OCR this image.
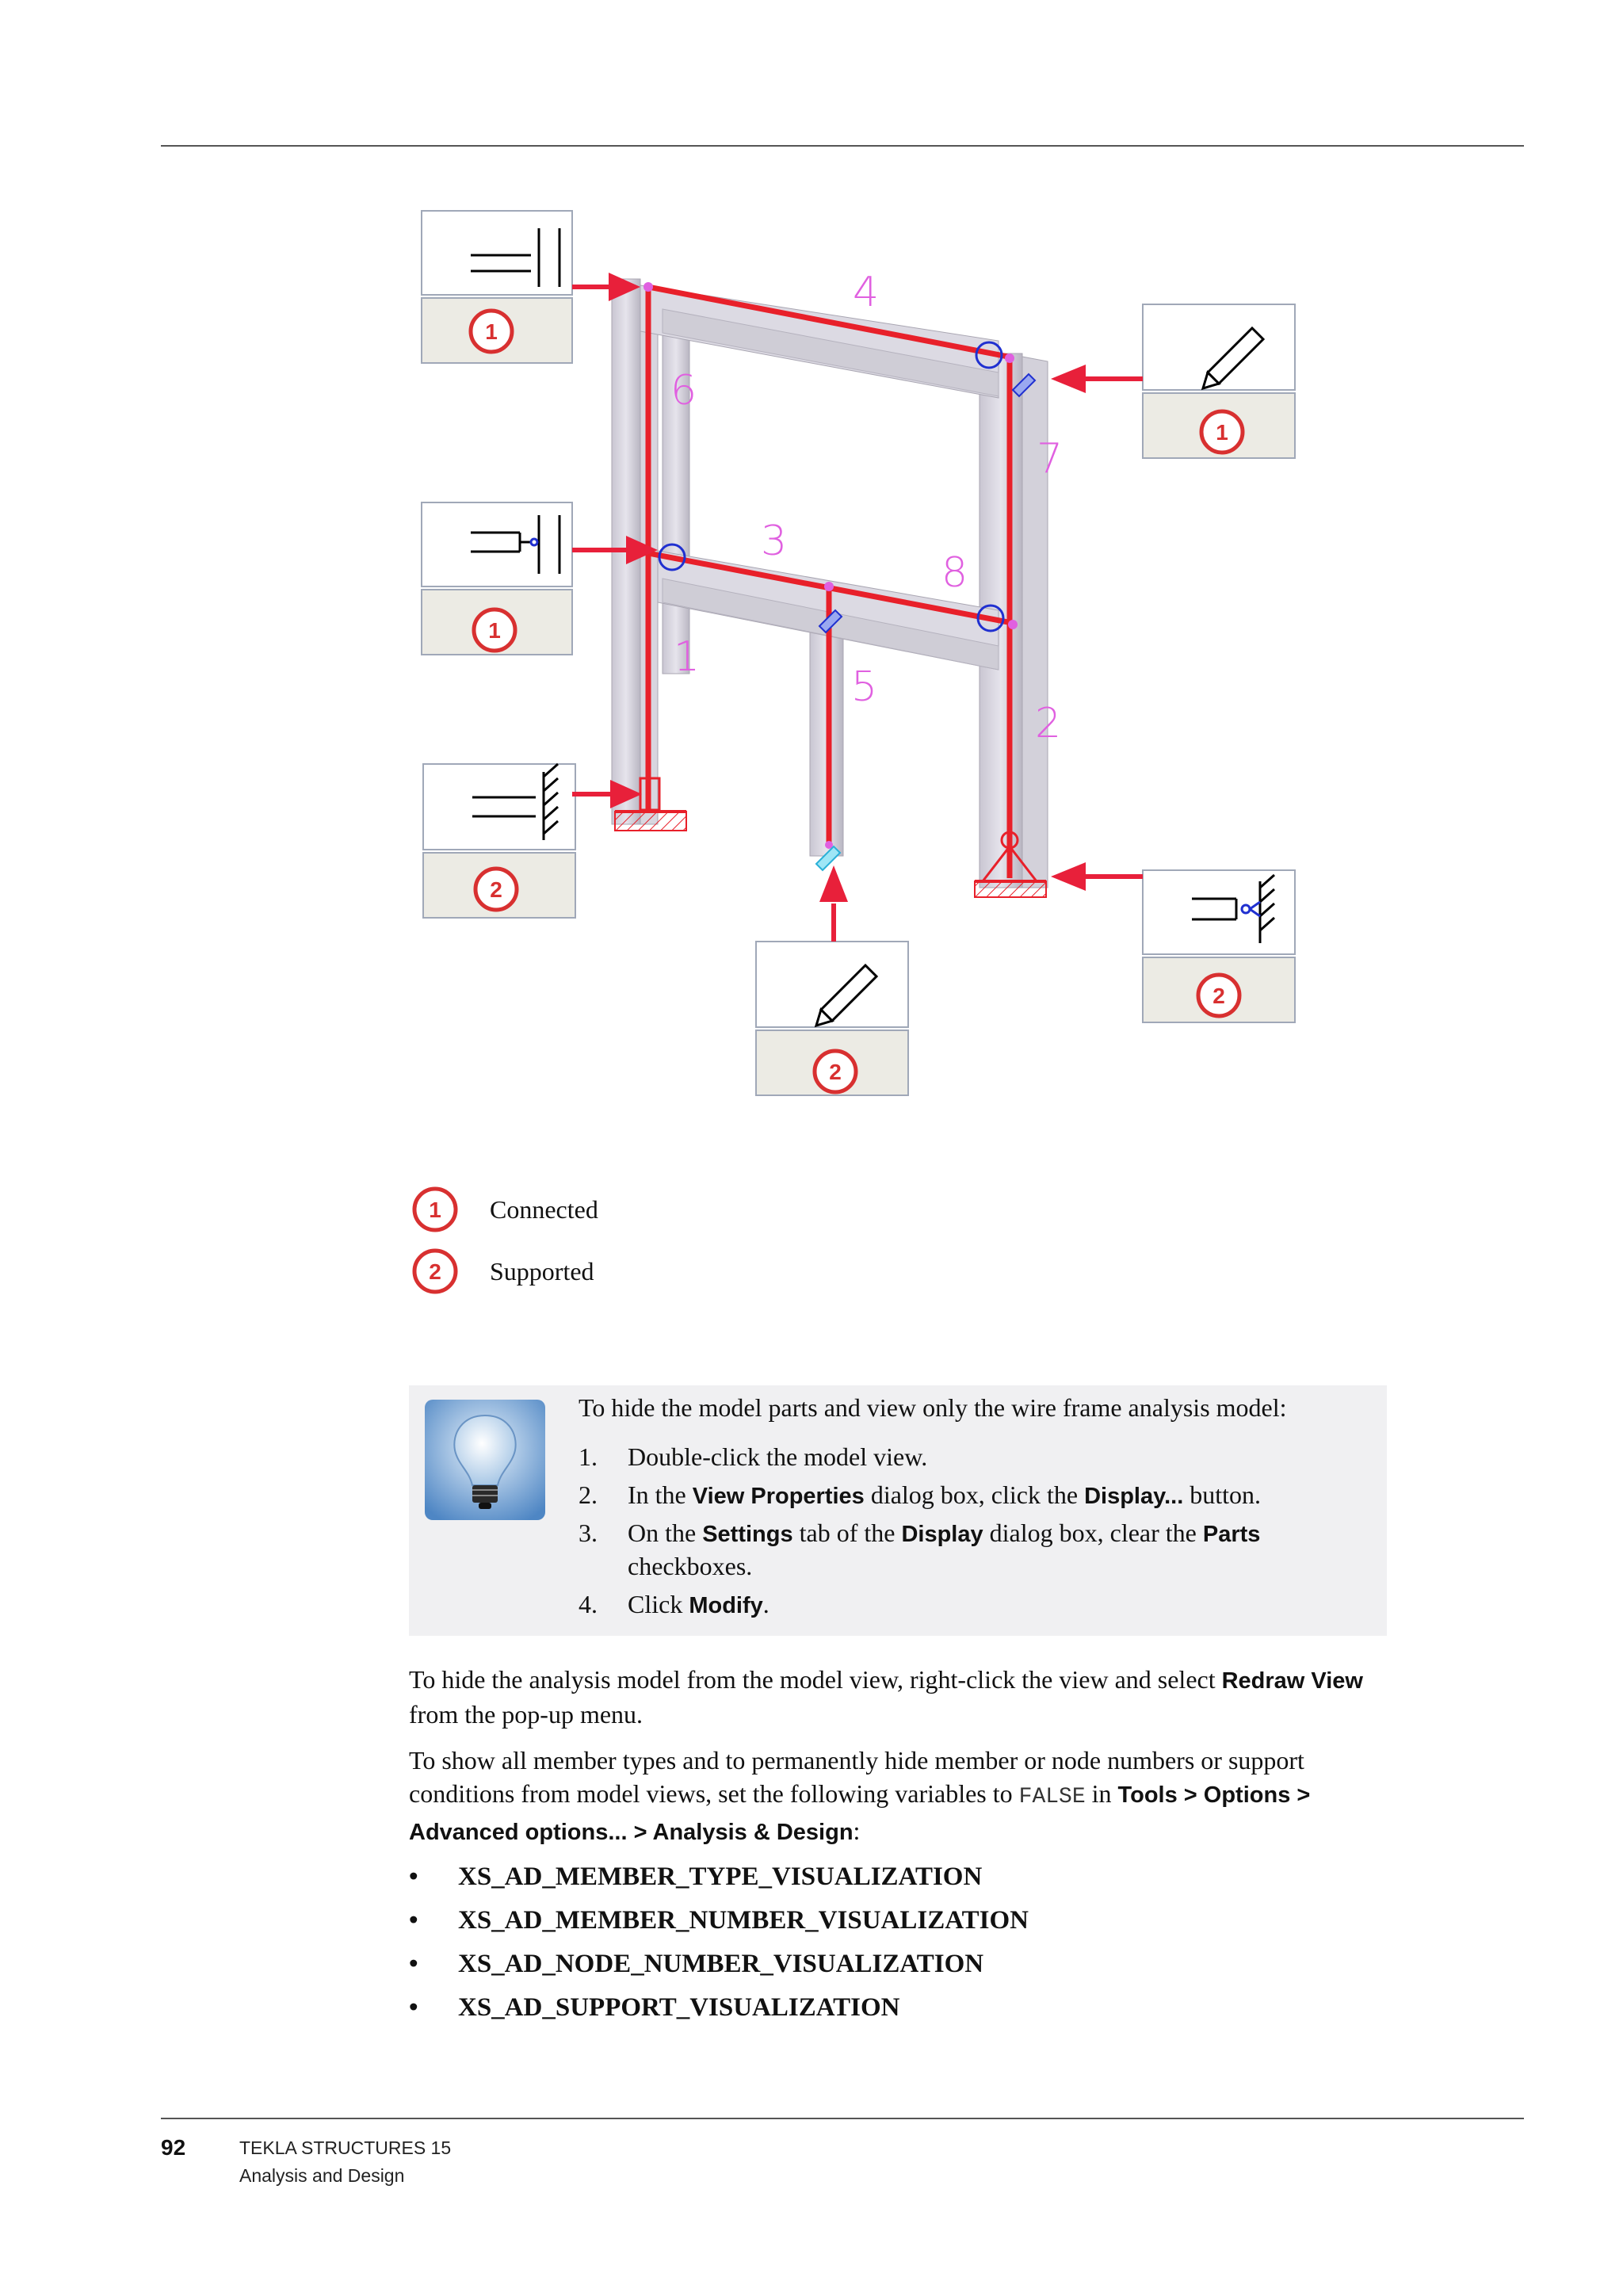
4
6
7
3
8
1
5
2
1
1
1
2
2
2
1 Connected
2 Supported
To hide the model parts and view only the wire frame analysis model:
1. Double-click the model view.
2. In the View Properties dialog box, click the Display... button.
3. On the Settings tab of the Display dialog box, clear the Parts
checkboxes.
4. Click Modify.
To hide the analysis model from the model view, right-click the view and select Redraw View
from the pop-up menu.
To show all member types and to permanently hide member or node numbers or support
conditions from model views, set the following variables to FALSE in Tools > Options >
Advanced options... > Analysis & Design:
•	XS_AD_MEMBER_TYPE_VISUALIZATION
•	XS_AD_MEMBER_NUMBER_VISUALIZATION
•	XS_AD_NODE_NUMBER_VISUALIZATION
•	XS_AD_SUPPORT_VISUALIZATION
92	TEKLA STRUCTURES 15
Analysis and Design
